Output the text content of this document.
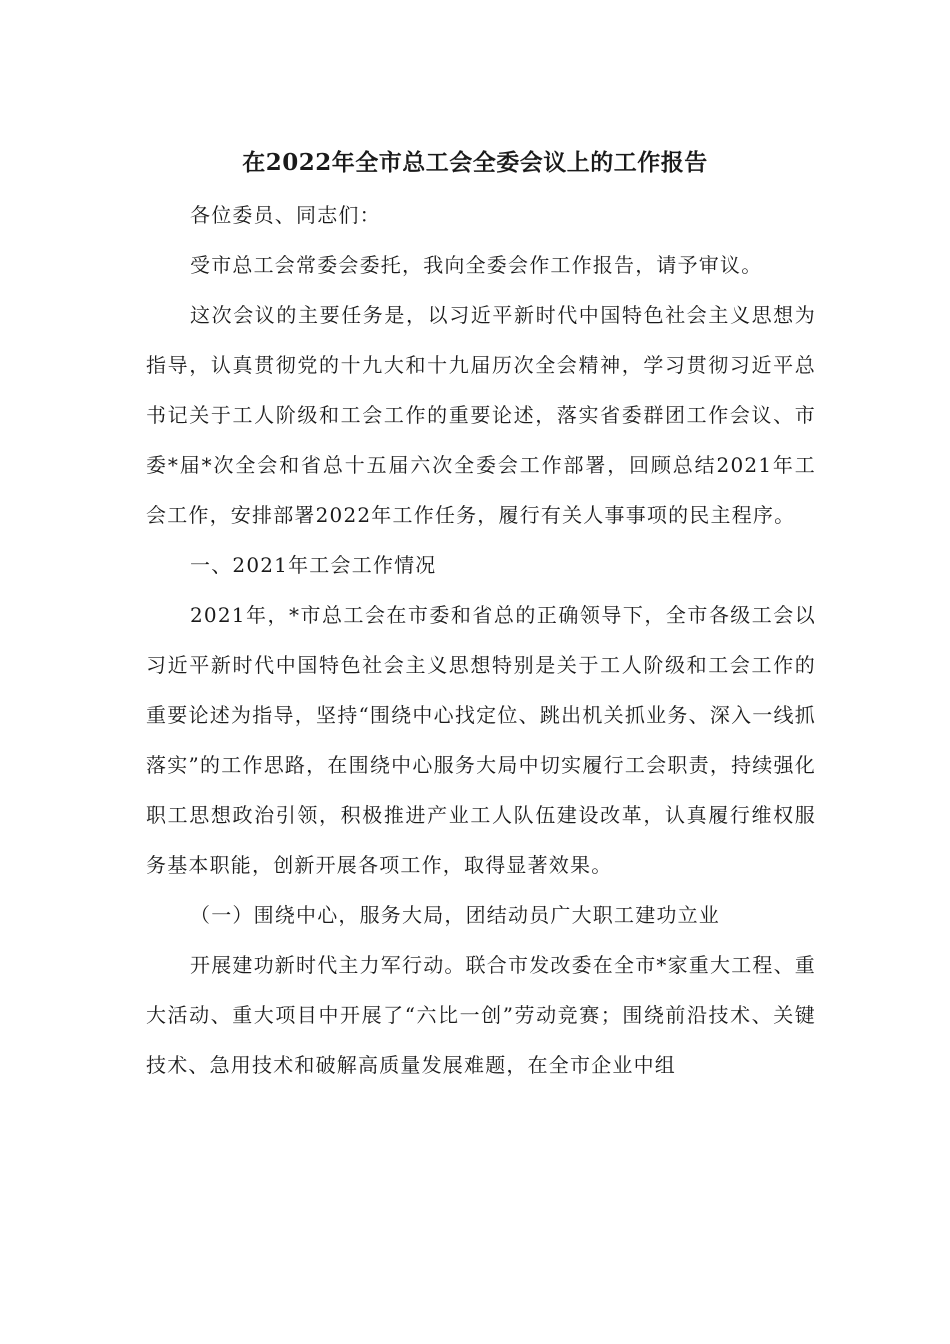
在2022年全市总工会全委会议上的工作报告

各位委员、同志们：

受市总工会常委会委托，我向全委会作工作报告，请予审议。

这次会议的主要任务是，以习近平新时代中国特色社会主义思想为指导，认真贯彻党的十九大和十九届历次全会精神，学习贯彻习近平总书记关于工人阶级和工会工作的重要论述，落实省委群团工作会议、市委*届*次全会和省总十五届六次全委会工作部署，回顾总结2021年工会工作，安排部署2022年工作任务，履行有关人事事项的民主程序。

一、2021年工会工作情况

2021年，*市总工会在市委和省总的正确领导下，全市各级工会以习近平新时代中国特色社会主义思想特别是关于工人阶级和工会工作的重要论述为指导，坚持“围绕中心找定位、跳出机关抓业务、深入一线抓落实”的工作思路，在围绕中心服务大局中切实履行工会职责，持续强化职工思想政治引领，积极推进产业工人队伍建设改革，认真履行维权服务基本职能，创新开展各项工作，取得显著效果。

（一）围绕中心，服务大局，团结动员广大职工建功立业

开展建功新时代主力军行动。联合市发改委在全市*家重大工程、重大活动、重大项目中开展了“六比一创”劳动竞赛；围绕前沿技术、关键技术、急用技术和破解高质量发展难题，在全市企业中组
